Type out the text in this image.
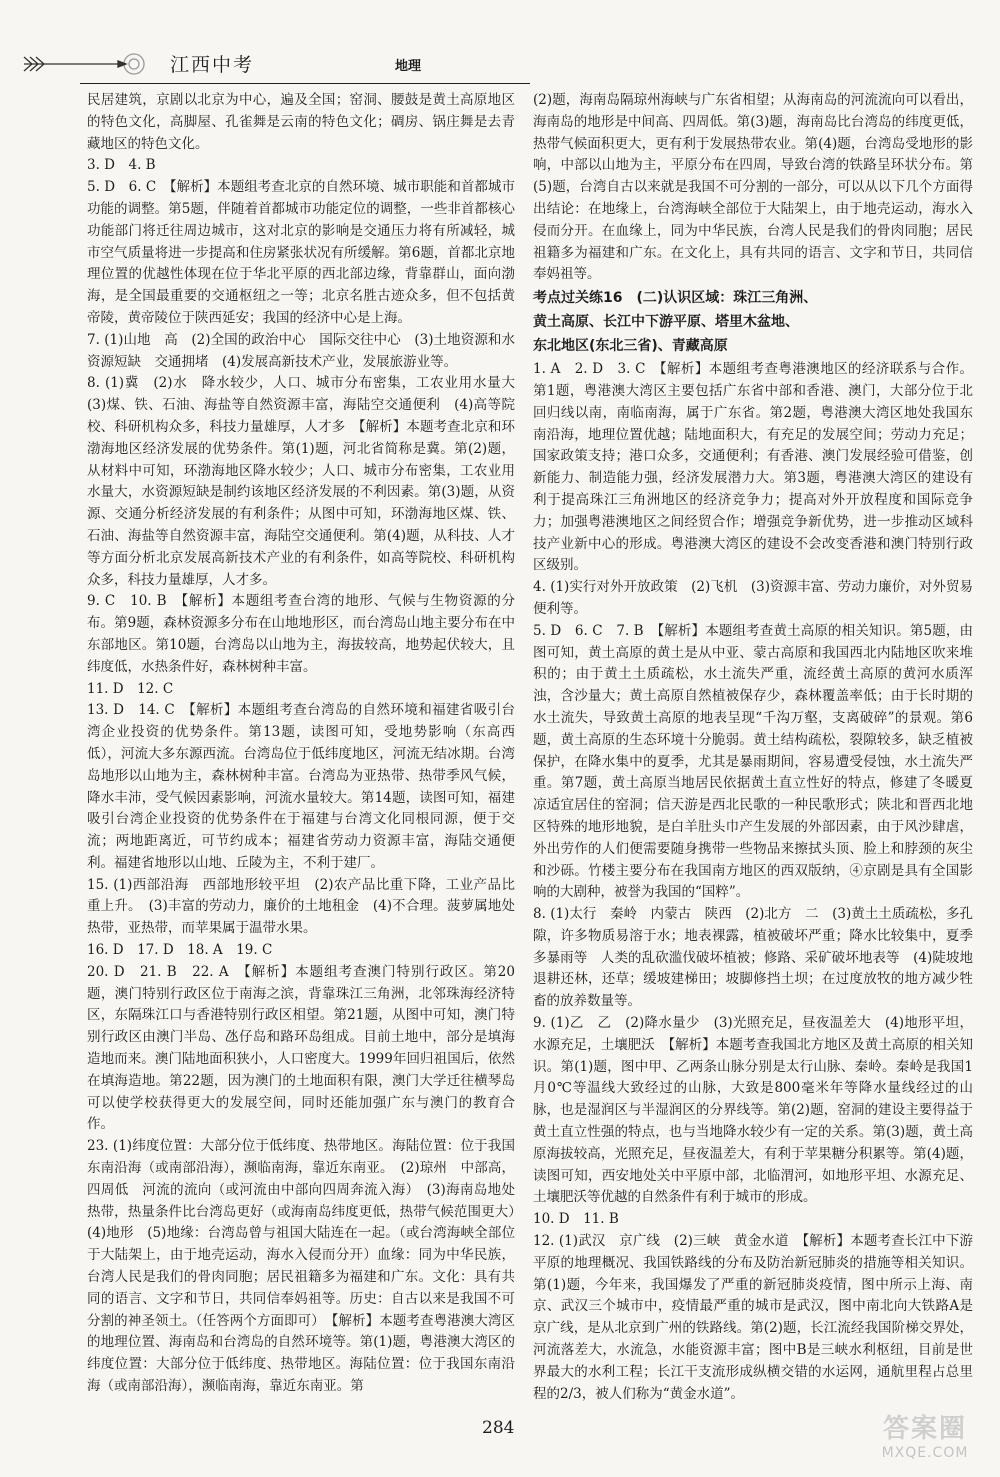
江西中考	地理

民居建筑，京剧以北京为中心，遍及全国；窑洞、腰鼓是黄土高原地区的特色文化，高脚屋、孔雀舞是云南的特色文化；碉房、锅庄舞是去青藏地区的特色文化。

3. D　4. B

5. D　6. C　【解析】本题组考查北京的自然环境、城市职能和首都城市功能的调整。第5题，伴随着首都城市功能定位的调整，一些非首都核心功能部门将迁往周边城市，这对北京的影响是交通压力将有所减轻，城市空气质量将进一步提高和住房紧张状况有所缓解。第6题，首都北京地理位置的优越性体现在位于华北平原的西北部边缘，背靠群山，面向渤海，是全国最重要的交通枢纽之一等；北京名胜古迹众多，但不包括黄帝陵，黄帝陵位于陕西延安；我国的经济中心是上海。

7. (1)山地　高　(2)全国的政治中心　国际交往中心　(3)土地资源和水资源短缺　交通拥堵　(4)发展高新技术产业，发展旅游业等。

8. (1)冀　(2)水　降水较少，人口、城市分布密集，工农业用水量大　(3)煤、铁、石油、海盐等自然资源丰富，海陆空交通便利　(4)高等院校、科研机构众多，科技力量雄厚，人才多　【解析】本题考查北京和环渤海地区经济发展的优势条件。第(1)题，河北省简称是冀。第(2)题，从材料中可知，环渤海地区降水较少；人口、城市分布密集，工农业用水量大，水资源短缺是制约该地区经济发展的不利因素。第(3)题，从资源、交通分析经济发展的有利条件；从图中可知，环渤海地区煤、铁、石油、海盐等自然资源丰富，海陆空交通便利。第(4)题，从科技、人才等方面分析北京发展高新技术产业的有利条件，如高等院校、科研机构众多，科技力量雄厚，人才多。

9. C　10. B　【解析】本题组考查台湾的地形、气候与生物资源的分布。第9题，森林资源多分布在山地地形区，而台湾岛山地主要分布在中东部地区。第10题，台湾岛以山地为主，海拔较高，地势起伏较大，且纬度低，水热条件好，森林树种丰富。

11. D　12. C

13. D　14. C　【解析】本题组考查台湾岛的自然环境和福建省吸引台湾企业投资的优势条件。第13题，读图可知，受地势影响（东高西低），河流大多东源西流。台湾岛位于低纬度地区，河流无结冰期。台湾岛地形以山地为主，森林树种丰富。台湾岛为亚热带、热带季风气候，降水丰沛，受气候因素影响，河流水量较大。第14题，读图可知，福建吸引台湾企业投资的优势条件在于福建与台湾文化同根同源，便于交流；两地距离近，可节约成本；福建省劳动力资源丰富，海陆交通便利。福建省地形以山地、丘陵为主，不利于建厂。

15. (1)西部沿海　西部地形较平坦　(2)农产品比重下降，工业产品比重上升。　(3)丰富的劳动力，廉价的土地租金　(4)不合理。菠萝属地处热带，亚热带，而苹果属于温带水果。

16. D　17. D　18. A　19. C

20. D　21. B　22. A　【解析】本题组考查澳门特别行政区。第20题，澳门特别行政区位于南海之滨，背靠珠江三角洲，北邻珠海经济特区，东隔珠江口与香港特别行政区相望。第21题，从图中可知，澳门特别行政区由澳门半岛、氹仔岛和路环岛组成。目前土地中，部分是填海造地而来。澳门陆地面积狭小，人口密度大。1999年回归祖国后，依然在填海造地。第22题，因为澳门的土地面积有限，澳门大学迁往横琴岛可以使学校获得更大的发展空间，同时还能加强广东与澳门的教育合作。

23. (1)纬度位置：大部分位于低纬度、热带地区。海陆位置：位于我国东南沿海（或南部沿海），濒临南海，靠近东南亚。　(2)琼州　中部高，四周低　河流的流向（或河流由中部向四周奔流入海）　(3)海南岛地处热带，热量条件比台湾岛更好（或海南岛纬度更低，热带气候范围更大）　(4)地形　(5)地缘：台湾岛曾与祖国大陆连在一起。（或台湾海峡全部位于大陆架上，由于地壳运动，海水入侵而分开）血缘：同为中华民族，台湾人民是我们的骨肉同胞；居民祖籍多为福建和广东。文化：具有共同的语言、文字和节日，共同信奉妈祖等。历史：自古以来是我国不可分割的神圣领土。（任答两个方面即可）　【解析】本题考查粤港澳大湾区的地理位置、海南岛和台湾岛的自然环境等。第(1)题，粤港澳大湾区的纬度位置：大部分位于低纬度、热带地区。海陆位置：位于我国东南沿海（或南部沿海），濒临南海，靠近东南亚。第

(2)题，海南岛隔琼州海峡与广东省相望；从海南岛的河流流向可以看出，海南岛的地形是中间高、四周低。第(3)题，海南岛比台湾岛的纬度更低，热带气候面积更大，更有利于发展热带农业。第(4)题，台湾岛受地形的影响，中部以山地为主，平原分布在四周，导致台湾的铁路呈环状分布。第(5)题，台湾自古以来就是我国不可分割的一部分，可以从以下几个方面得出结论：在地缘上，台湾海峡全部位于大陆架上，由于地壳运动，海水入侵而分开。在血缘上，同为中华民族，台湾人民是我们的骨肉同胞；居民祖籍多为福建和广东。在文化上，具有共同的语言、文字和节日，共同信奉妈祖等。

考点过关练16　(二)认识区域：珠江三角洲、

黄土高原、长江中下游平原、塔里木盆地、

东北地区(东北三省)、青藏高原

1. A　2. D　3. C　【解析】本题组考查粤港澳地区的经济联系与合作。第1题，粤港澳大湾区主要包括广东省中部和香港、澳门，大部分位于北回归线以南，南临南海，属于广东省。第2题，粤港澳大湾区地处我国东南沿海，地理位置优越；陆地面积大，有充足的发展空间；劳动力充足；国家政策支持；港口众多，交通便利；有香港、澳门发展经验可借鉴，创新能力、制造能力强，经济发展潜力大。第3题，粤港澳大湾区的建设有利于提高珠江三角洲地区的经济竞争力；提高对外开放程度和国际竞争力；加强粤港澳地区之间经贸合作；增强竞争新优势，进一步推动区域科技产业新中心的形成。粤港澳大湾区的建设不会改变香港和澳门特别行政区级别。

4. (1)实行对外开放政策　(2)飞机　(3)资源丰富、劳动力廉价，对外贸易便利等。

5. D　6. C　7. B　【解析】本题组考查黄土高原的相关知识。第5题，由图可知，黄土高原的黄土是从中亚、蒙古高原和我国西北内陆地区吹来堆积的；由于黄土土质疏松，水土流失严重，流经黄土高原的黄河水质浑浊，含沙量大；黄土高原自然植被保存少，森林覆盖率低；由于长时期的水土流失，导致黄土高原的地表呈现“千沟万壑，支离破碎”的景观。第6题，黄土高原的生态环境十分脆弱。黄土结构疏松，裂隙较多，缺乏植被保护，在降水集中的夏季，尤其是暴雨期间，容易遭受侵蚀，水土流失严重。第7题，黄土高原当地居民依据黄土直立性好的特点，修建了冬暖夏凉适宜居住的窑洞；信天游是西北民歌的一种民歌形式；陕北和晋西北地区特殊的地形地貌，是白羊肚头巾产生发展的外部因素，由于风沙肆虐，外出劳作的人们便需要随身携带一些物品来擦拭头顶、脸上和脖颈的灰尘和沙砾。竹楼主要分布在我国南方地区的西双版纳，④京剧是具有全国影响的大剧种，被誉为我国的“国粹”。

8. (1)太行　秦岭　内蒙古　陕西　(2)北方　二　(3)黄土土质疏松，多孔隙，许多物质易溶于水；地表裸露，植被破坏严重；降水比较集中，夏季多暴雨等　人类的乱砍滥伐破坏植被；修路、采矿破坏地表等　(4)陡坡地退耕还林，还草；缓坡建梯田；坡脚修挡土坝；在过度放牧的地方减少牲畜的放养数量等。

9. (1)乙　乙　(2)降水量少　(3)光照充足，昼夜温差大　(4)地形平坦，水源充足，土壤肥沃　【解析】本题考查我国北方地区及黄土高原的相关知识。第(1)题，图中甲、乙两条山脉分别是太行山脉、秦岭。秦岭是我国1月0℃等温线大致经过的山脉，大致是800毫米年等降水量线经过的山脉，也是湿润区与半湿润区的分界线等。第(2)题，窑洞的建设主要得益于黄土直立性强的特点，也与当地降水较少有一定的关系。第(3)题，黄土高原海拔较高，光照充足，昼夜温差大，有利于苹果糖分积累等。第(4)题，读图可知，西安地处关中平原中部，北临渭河，如地形平坦、水源充足、土壤肥沃等优越的自然条件有利于城市的形成。

10. D　11. B

12. (1)武汉　京广线　(2)三峡　黄金水道　【解析】本题考查长江中下游平原的地理概况、我国铁路线的分布及防治新冠肺炎的措施等相关知识。第(1)题，今年来，我国爆发了严重的新冠肺炎疫情，图中所示上海、南京、武汉三个城市中，疫情最严重的城市是武汉，图中南北向大铁路A是京广线，是从北京到广州的铁路线。第(2)题，长江流经我国阶梯交界处，河流落差大，水流急，水能资源丰富；图中B是三峡水利枢纽，目前是世界最大的水利工程；长江干支流形成纵横交错的水运网，通航里程占总里程的2/3，被人们称为“黄金水道”。

284	答案圈
MXQE.COM
